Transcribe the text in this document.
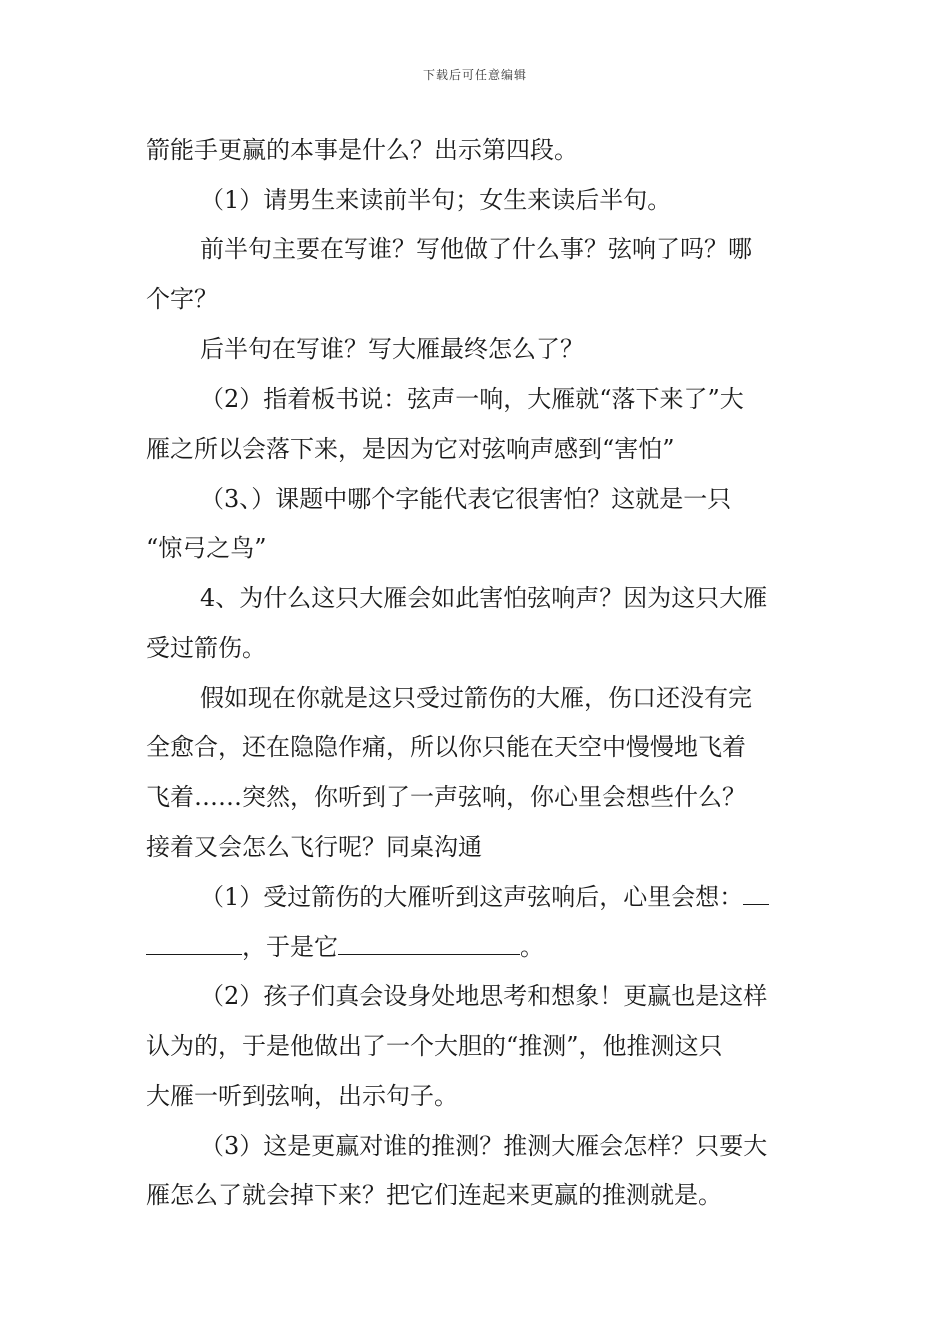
下载后可任意编辑
箭能手更赢的本事是什么？出示第四段。
（1）请男生来读前半句；女生来读后半句。
前半句主要在写谁？写他做了什么事？弦响了吗？哪
个字？
后半句在写谁？写大雁最终怎么了？
（2）指着板书说：弦声一响，大雁就“落下来了”大
雁之所以会落下来，是因为它对弦响声感到“害怕”
（3、）课题中哪个字能代表它很害怕？这就是一只
“惊弓之鸟”
4、为什么这只大雁会如此害怕弦响声？因为这只大雁
受过箭伤。
假如现在你就是这只受过箭伤的大雁，伤口还没有完
全愈合，还在隐隐作痛，所以你只能在天空中慢慢地飞着
飞着……突然，你听到了一声弦响，你心里会想些什么？
接着又会怎么飞行呢？同桌沟通
（1）受过箭伤的大雁听到这声弦响后，心里会想：
，于是它	。
（2）孩子们真会设身处地思考和想象！更赢也是这样
认为的，于是他做出了一个大胆的“推测”，他推测这只
大雁一听到弦响，出示句子。
（3）这是更赢对谁的推测？推测大雁会怎样？只要大
雁怎么了就会掉下来？把它们连起来更赢的推测就是。
